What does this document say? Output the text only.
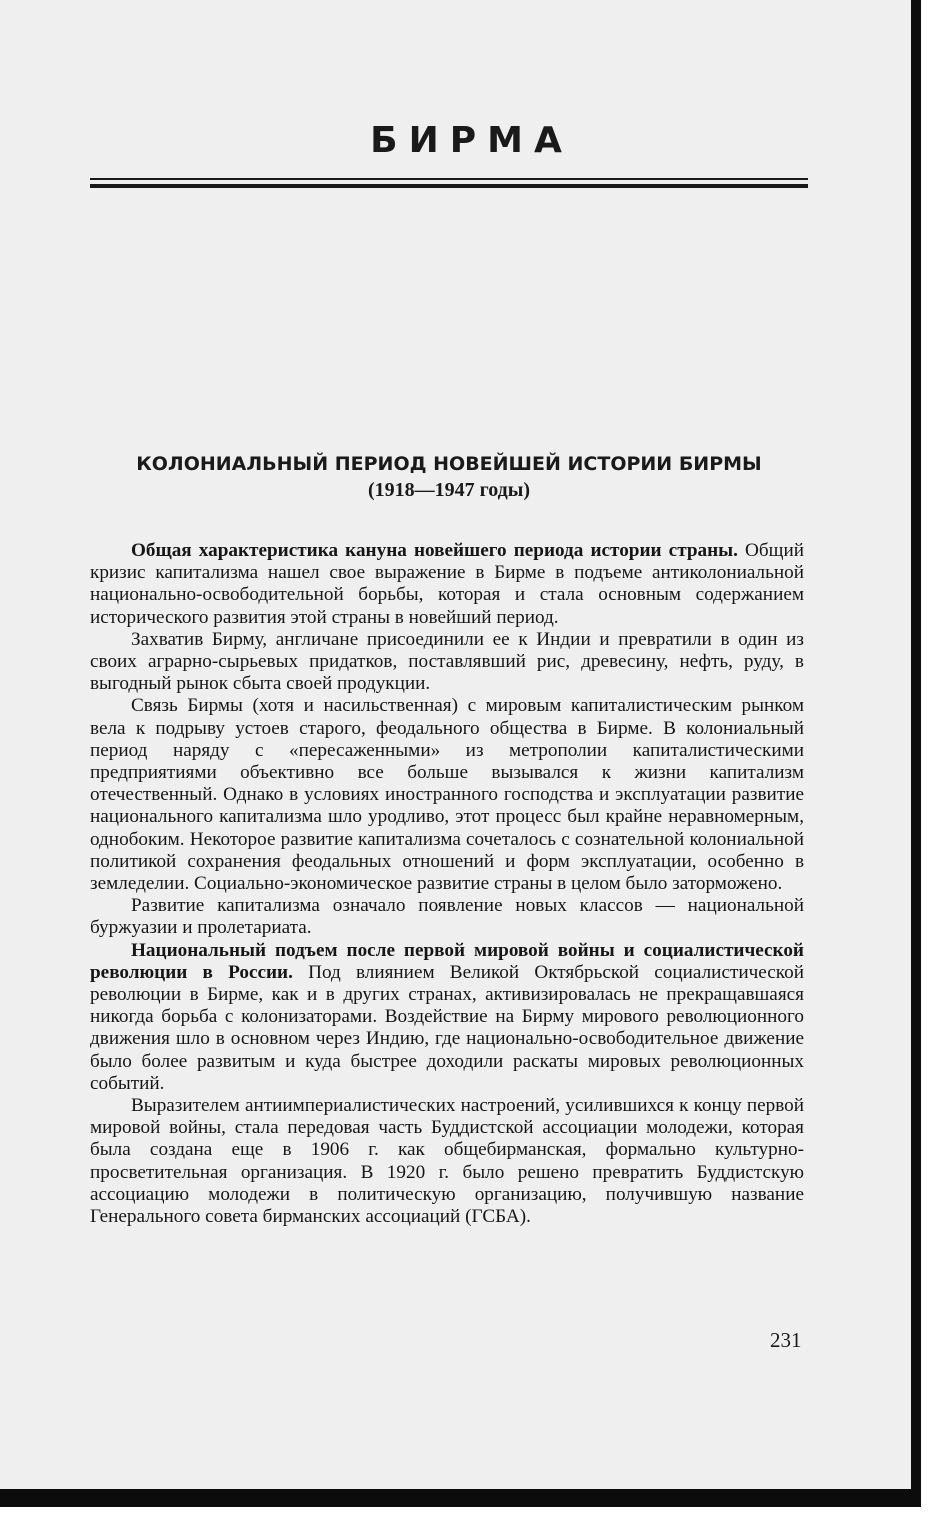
БИРМА
КОЛОНИАЛЬНЫЙ ПЕРИОД НОВЕЙШЕЙ ИСТОРИИ БИРМЫ
(1918—1947 годы)

Общая характеристика кануна новейшего периода истории страны. Общий кризис капитализма нашел свое выражение в Бирме в подъеме антиколониальной национально-освободительной борьбы, которая и стала основным содержанием исторического развития этой страны в новейший период.

Захватив Бирму, англичане присоединили ее к Индии и превратили в один из своих аграрно-сырьевых придатков, поставлявший рис, древесину, нефть, руду, в выгодный рынок сбыта своей продукции.

Связь Бирмы (хотя и насильственная) с мировым капиталистическим рынком вела к подрыву устоев старого, феодального общества в Бирме. В колониальный период наряду с «пересаженными» из метрополии капиталистическими предприятиями объективно все больше вызывался к жизни капитализм отечественный. Однако в условиях иностранного господства и эксплуатации развитие национального капитализма шло уродливо, этот процесс был крайне неравномерным, однобоким. Некоторое развитие капитализма сочеталось с сознательной колониальной политикой сохранения феодальных отношений и форм эксплуатации, особенно в земледелии. Социально-экономическое развитие страны в целом было заторможено.

Развитие капитализма означало появление новых классов — национальной буржуазии и пролетариата.

Национальный подъем после первой мировой войны и социалистической революции в России. Под влиянием Великой Октябрьской социалистической революции в Бирме, как и в других странах, активизировалась не прекращавшаяся никогда борьба с колонизаторами. Воздействие на Бирму мирового революционного движения шло в основном через Индию, где национально-освободительное движение было более развитым и куда быстрее доходили раскаты мировых революционных событий.

Выразителем антиимпериалистических настроений, усилившихся к концу первой мировой войны, стала передовая часть Буддистской ассоциации молодежи, которая была создана еще в 1906 г. как общебирманская, формально культурно-просветительная организация. В 1920 г. было решено превратить Буддистскую ассоциацию молодежи в политическую организацию, получившую название Генерального совета бирманских ассоциаций (ГСБА).

231
